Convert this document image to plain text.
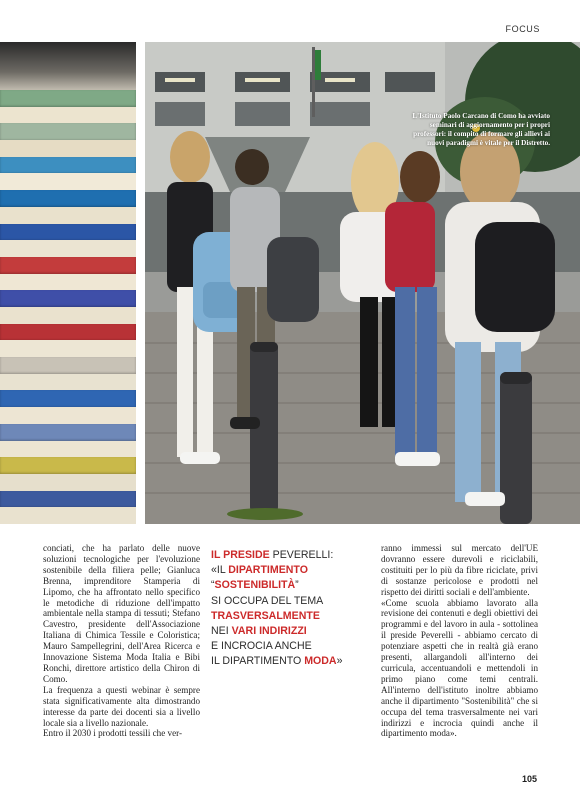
FOCUS
L'Istituto Paolo Carcano di Como ha avviato seminari di aggiornamento per i propri professori: il compito di formare gli allievi ai nuovi paradigmi è vitale per il Distretto.

conciati, che ha parlato delle nuove soluzioni tecnologiche per l'evoluzione sostenibile della filiera pelle; Gianluca Brenna, imprenditore Stamperia di Lipomo, che ha affrontato nello specifico le metodiche di riduzione dell'impatto ambientale nella stampa di tessuti; Stefano Cavestro, presidente dell'Associazione Italiana di Chimica Tessile e Coloristica; Mauro Sampellegrini, dell'Area Ricerca e Innovazione Sistema Moda Italia e Bibi Ronchi, direttore artistico della Chiron di Como.

La frequenza a questi webinar è sempre stata significativamente alta dimostrando interesse da parte dei docenti sia a livello locale sia a livello nazionale.

Entro il 2030 i prodotti tessili che ver-

IL PRESIDE PEVERELLI:
«IL DIPARTIMENTO
“SOSTENIBILITÀ”
SI OCCUPA DEL TEMA
TRASVERSALMENTE
NEI VARI INDIRIZZI
E INCROCIA ANCHE
IL DIPARTIMENTO MODA»

ranno immessi sul mercato dell'UE dovranno essere durevoli e riciclabili, costituiti per lo più da fibre riciclate, privi di sostanze pericolose e prodotti nel rispetto dei diritti sociali e dell'ambiente.

«Come scuola abbiamo lavorato alla revisione dei contenuti e degli obiettivi dei programmi e del lavoro in aula - sottolinea il preside Peverelli - abbiamo cercato di potenziare aspetti che in realtà già erano presenti, allargandoli all'interno dei curricula, accentuandoli e mettendoli in primo piano come temi centrali. All'interno dell'istituto inoltre abbiamo anche il dipartimento "Sostenibilità" che si occupa del tema trasversalmente nei vari indirizzi e incrocia quindi anche il dipartimento moda».

105
